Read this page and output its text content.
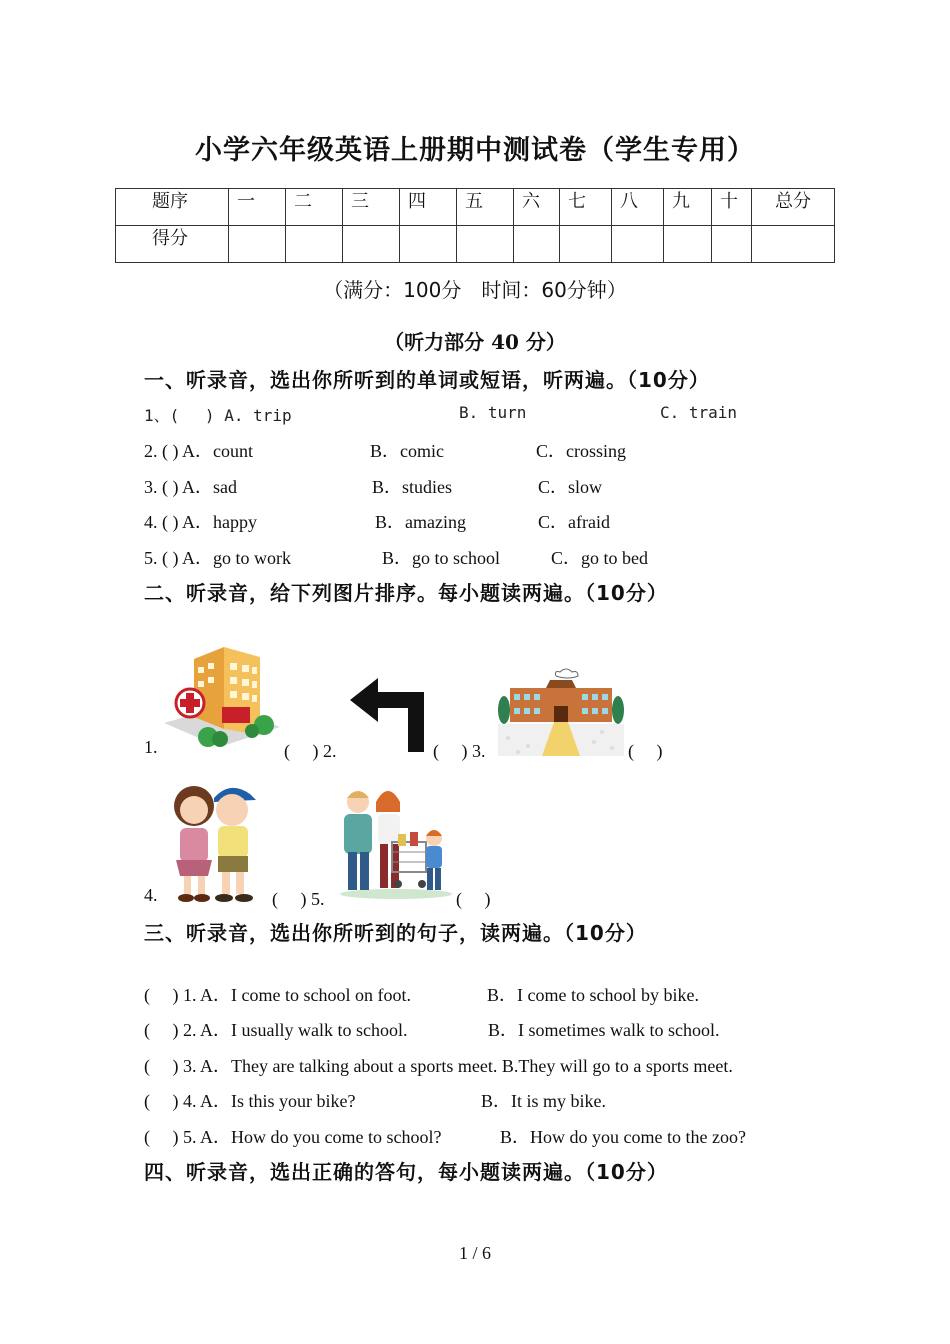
小学六年级英语上册期中测试卷（学生专用）
题序	一	二	三	四	五	六	七	八	九	十	总分
得分											
（满分：100分　时间：60分钟）
（听力部分 40 分）
一、听录音，选出你所听到的单词或短语，听两遍。（10分）
1、(　 ) A. trip	B. turn	C. train
2. ( ) A．count	B．comic	C．crossing
3. ( ) A．sad	B．studies	C．slow
4. ( ) A．happy	B．amazing	C．afraid
5. ( ) A．go to work	B．go to school	C．go to bed
二、听录音，给下列图片排序。每小题读两遍。（10分）
1.	(　 ) 2.	(　 ) 3.	(　 )
4.	(　 ) 5.	(　 )
三、听录音，选出你所听到的句子，读两遍。（10分）
(　 ) 1. A．I come to school on foot.	B．I come to school by bike.
(　 ) 2. A．I usually walk to school.	B．I sometimes walk to school.
(　 ) 3. A．They are talking about a sports meet. B.They will go to a sports meet.
(　 ) 4. A．Is this your bike?	B．It is my bike.
(　 ) 5. A．How do you come to school?	B．How do you come to the zoo?
四、听录音，选出正确的答句，每小题读两遍。（10分）
1 / 6
